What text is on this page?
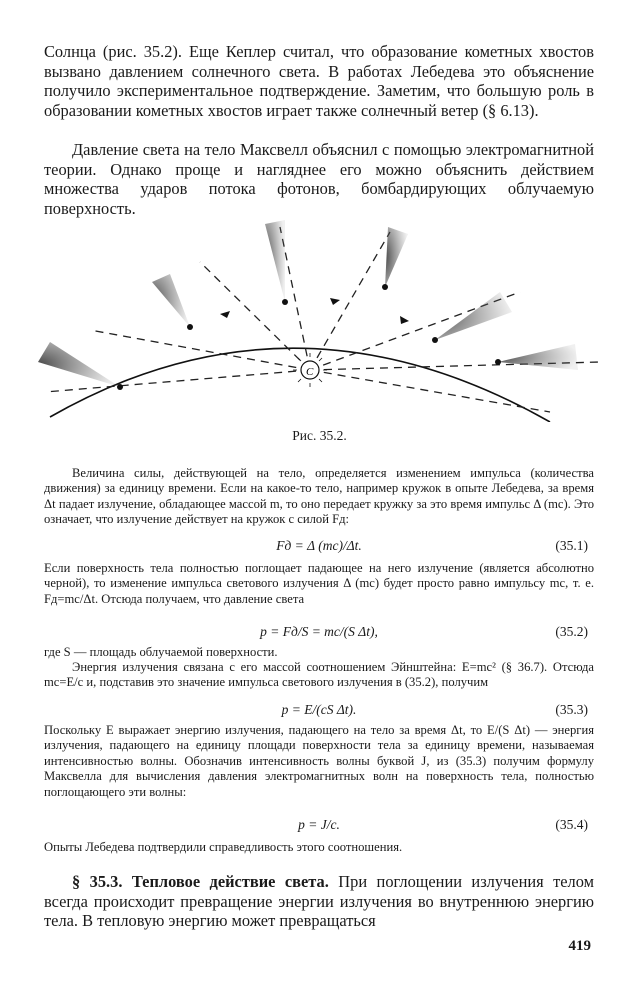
Солнца (рис. 35.2). Еще Кеплер считал, что образование кометных хвостов вызвано давлением солнечного света. В работах Лебедева это объяснение получило экспериментальное подтверждение. Заметим, что большую роль в образовании кометных хвостов играет также солнечный ветер (§ 6.13).

Давление света на тело Максвелл объяснил с помощью электромагнитной теории. Однако проще и нагляднее его можно объяснить действием множества ударов потока фотонов, бомбардирующих облучаемую поверхность.

C
Рис. 35.2.

Величина силы, действующей на тело, определяется изменением импульса (количества движения) за единицу времени. Если на какое-то тело, например кружок в опыте Лебедева, за время Δt падает излучение, обладающее массой m, то оно передает кружку за это время импульс Δ (mc). Это означает, что излучение действует на кружок с силой Fд:

Fд = Δ (mc)/Δt.	(35.1)

Если поверхность тела полностью поглощает падающее на него излучение (является абсолютно черной), то изменение импульса светового излучения Δ (mc) будет просто равно импульсу mc, т. е. Fд=mc/Δt. Отсюда получаем, что давление света

p = Fд/S = mc/(S Δt),	(35.2)

где S — площадь облучаемой поверхности.

Энергия излучения связана с его массой соотношением Эйнштейна: E=mc² (§ 36.7). Отсюда mc=E/c и, подставив это значение импульса светового излучения в (35.2), получим

p = E/(cS Δt).	(35.3)

Поскольку E выражает энергию излучения, падающего на тело за время Δt, то E/(S Δt) — энергия излучения, падающего на единицу площади поверхности тела за единицу времени, называемая интенсивностью волны. Обозначив интенсивность волны буквой J, из (35.3) получим формулу Максвелла для вычисления давления электромагнитных волн на поверхность тела, полностью поглощающего эти волны:

p = J/c.	(35.4)

Опыты Лебедева подтвердили справедливость этого соотношения.

§ 35.3. Тепловое действие света. При поглощении излучения телом всегда происходит превращение энергии излучения во внутреннюю энергию тела. В тепловую энергию может превращаться

419
